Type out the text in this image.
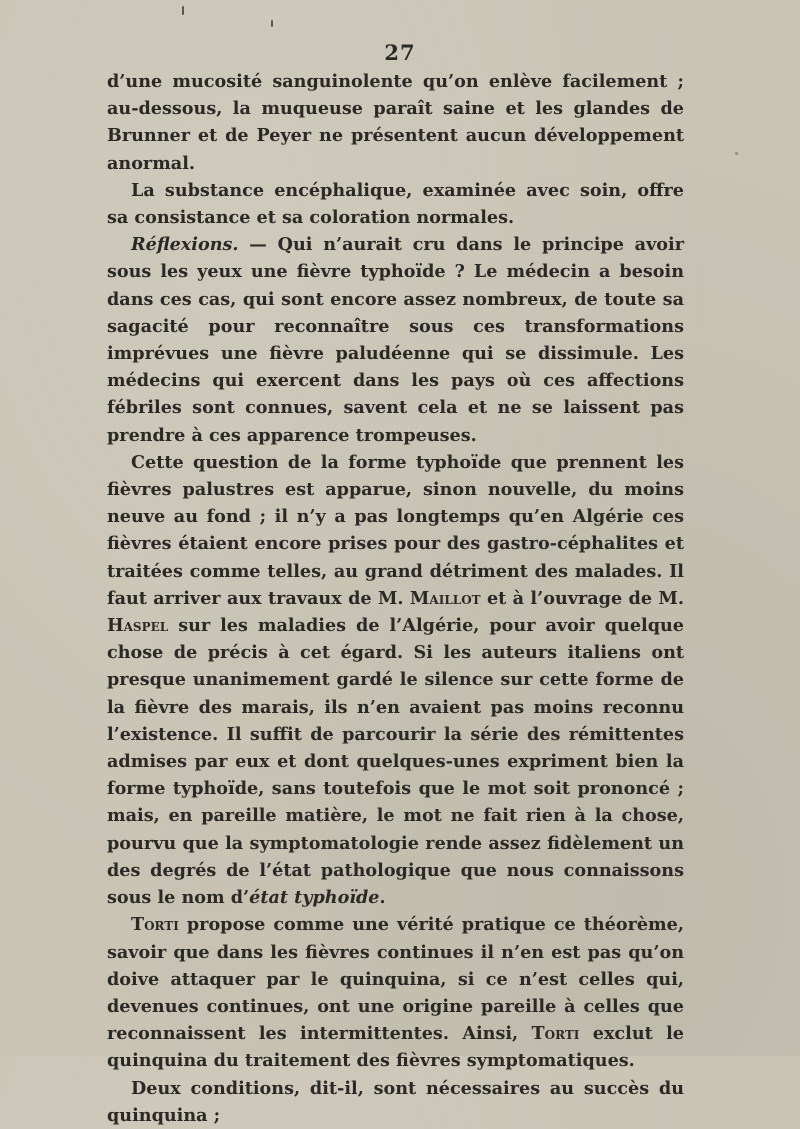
27

d’une mucosité sanguinolente qu’on enlève facilement ; au-dessous, la muqueuse paraît saine et les glandes de Brunner et de Peyer ne présentent aucun développement anormal.

La substance encéphalique, examinée avec soin, offre sa consistance et sa coloration normales.

Réflexions. — Qui n’aurait cru dans le principe avoir sous les yeux une fièvre typhoïde ? Le médecin a besoin dans ces cas, qui sont encore assez nombreux, de toute sa sagacité pour reconnaître sous ces transformations imprévues une fièvre paludéenne qui se dissimule. Les médecins qui exercent dans les pays où ces affections fébriles sont connues, savent cela et ne se laissent pas prendre à ces apparence trompeuses.

Cette question de la forme typhoïde que prennent les fièvres palustres est apparue, sinon nouvelle, du moins neuve au fond ; il n’y a pas longtemps qu’en Algérie ces fièvres étaient encore prises pour des gastro-céphalites et traitées comme telles, au grand détriment des malades. Il faut arriver aux travaux de M. Maillot et à l’ouvrage de M. Haspel sur les maladies de l’Algérie, pour avoir quelque chose de précis à cet égard. Si les auteurs italiens ont presque unanimement gardé le silence sur cette forme de la fièvre des marais, ils n’en avaient pas moins reconnu l’existence. Il suffit de parcourir la série des rémittentes admises par eux et dont quelques-unes expriment bien la forme typhoïde, sans toutefois que le mot soit prononcé ; mais, en pareille matière, le mot ne fait rien à la chose, pourvu que la symptomatologie rende assez fidèlement un des degrés de l’état pathologique que nous connaissons sous le nom d’état typhoïde.

Torti propose comme une vérité pratique ce théorème, savoir que dans les fièvres continues il n’en est pas qu’on doive attaquer par le quinquina, si ce n’est celles qui, devenues continues, ont une origine pareille à celles que reconnaissent les intermittentes. Ainsi, Torti exclut le quinquina du traitement des fièvres symptomatiques.

Deux conditions, dit-il, sont nécessaires au succès du quinquina ;
